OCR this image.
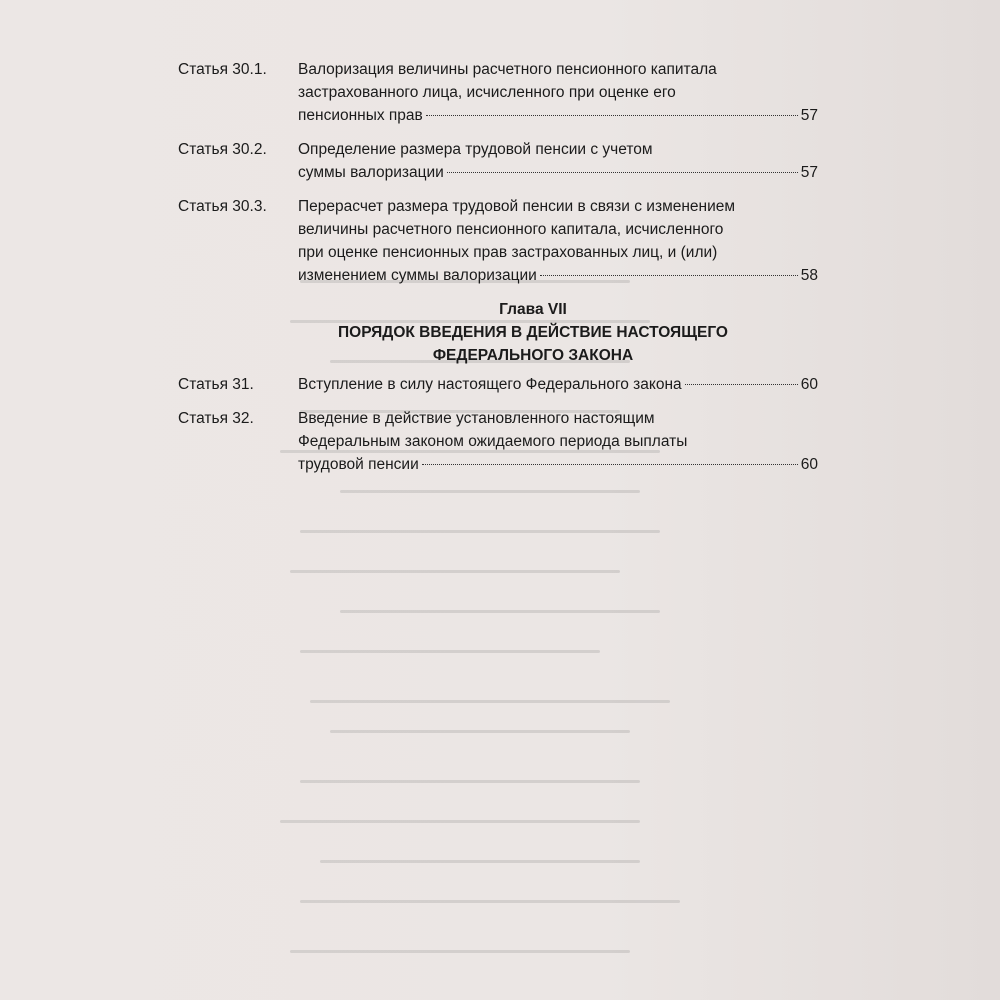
Статья 30.1.	Валоризация величины расчетного пенсионного капитала
застрахованного лица, исчисленного при оценке его
пенсионных прав	57
Статья 30.2.	Определение размера трудовой пенсии с учетом
суммы валоризации	57
Статья 30.3.	Перерасчет размера трудовой пенсии в связи с изменением
величины расчетного пенсионного капитала, исчисленного
при оценке пенсионных прав застрахованных лиц, и (или)
изменением суммы валоризации	58
Глава VII
ПОРЯДОК ВВЕДЕНИЯ В ДЕЙСТВИЕ НАСТОЯЩЕГО
ФЕДЕРАЛЬНОГО ЗАКОНА
Статья 31.	Вступление в силу настоящего Федерального закона	60
Статья 32.	Введение в действие установленного настоящим
Федеральным законом ожидаемого периода выплаты
трудовой пенсии	60
